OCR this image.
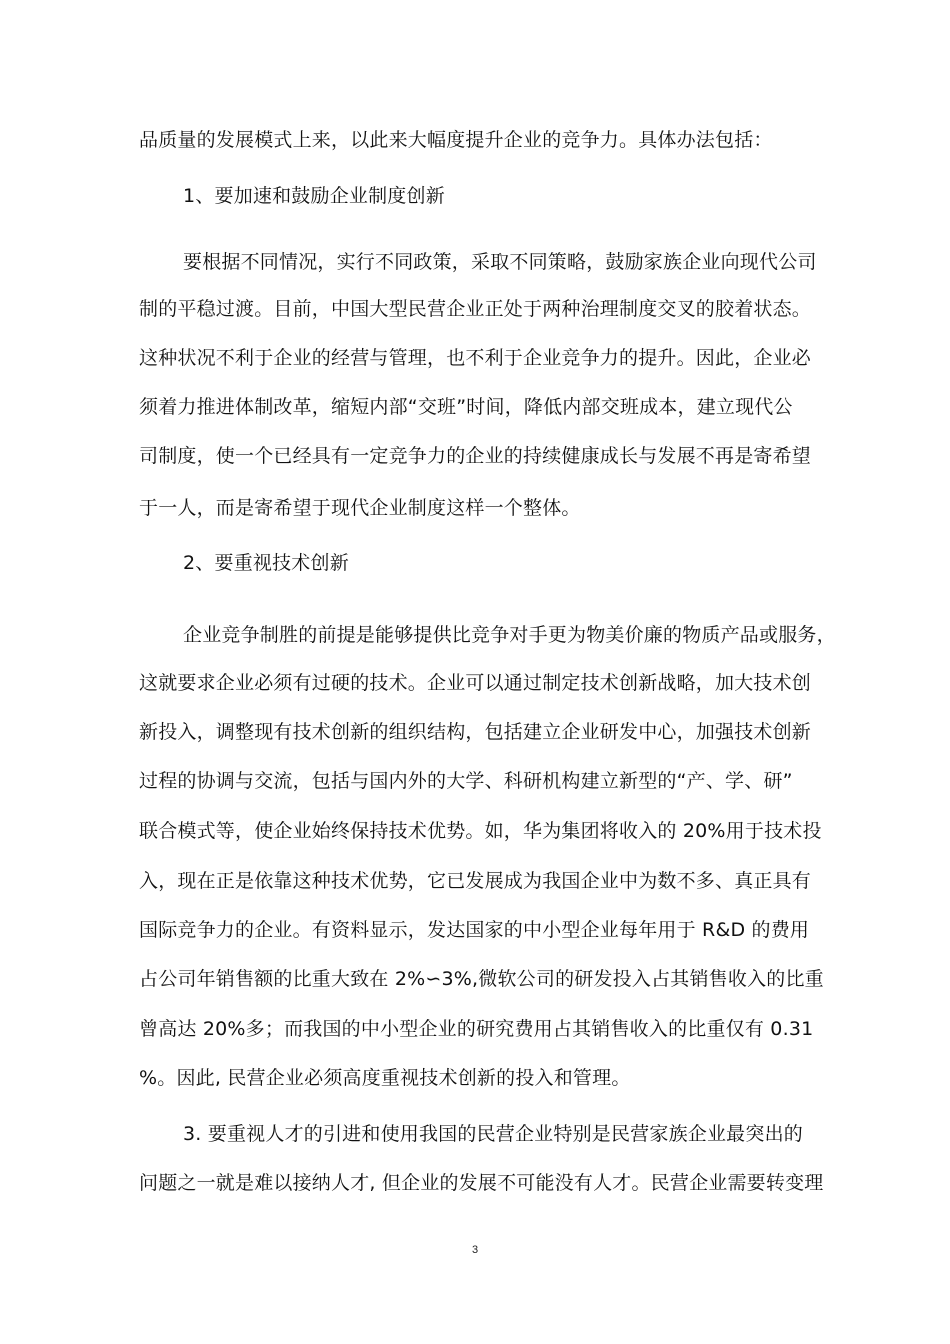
品质量的发展模式上来，以此来大幅度提升企业的竞争力。具体办法包括：
1、要加速和鼓励企业制度创新
要根据不同情况，实行不同政策，采取不同策略，鼓励家族企业向现代公司
制的平稳过渡。目前，中国大型民营企业正处于两种治理制度交叉的胶着状态。
这种状况不利于企业的经营与管理，也不利于企业竞争力的提升。因此，企业必
须着力推进体制改革，缩短内部“交班”时间，降低内部交班成本，建立现代公
司制度，使一个已经具有一定竞争力的企业的持续健康成长与发展不再是寄希望
于一人，而是寄希望于现代企业制度这样一个整体。
2、要重视技术创新
企业竞争制胜的前提是能够提供比竞争对手更为物美价廉的物质产品或服务，
这就要求企业必须有过硬的技术。企业可以通过制定技术创新战略，加大技术创
新投入，调整现有技术创新的组织结构，包括建立企业研发中心，加强技术创新
过程的协调与交流，包括与国内外的大学、科研机构建立新型的“产、学、研”
联合模式等，使企业始终保持技术优势。如，华为集团将收入的 20%用于技术投
入，现在正是依靠这种技术优势，它已发展成为我国企业中为数不多、真正具有
国际竞争力的企业。有资料显示，发达国家的中小型企业每年用于 R&D 的费用
占公司年销售额的比重大致在 2%∽3%,微软公司的研发投入占其销售收入的比重
曾高达 20%多；而我国的中小型企业的研究费用占其销售收入的比重仅有 0.31
%。因此, 民营企业必须高度重视技术创新的投入和管理。
3. 要重视人才的引进和使用我国的民营企业特别是民营家族企业最突出的
问题之一就是难以接纳人才, 但企业的发展不可能没有人才。民营企业需要转变理
3
